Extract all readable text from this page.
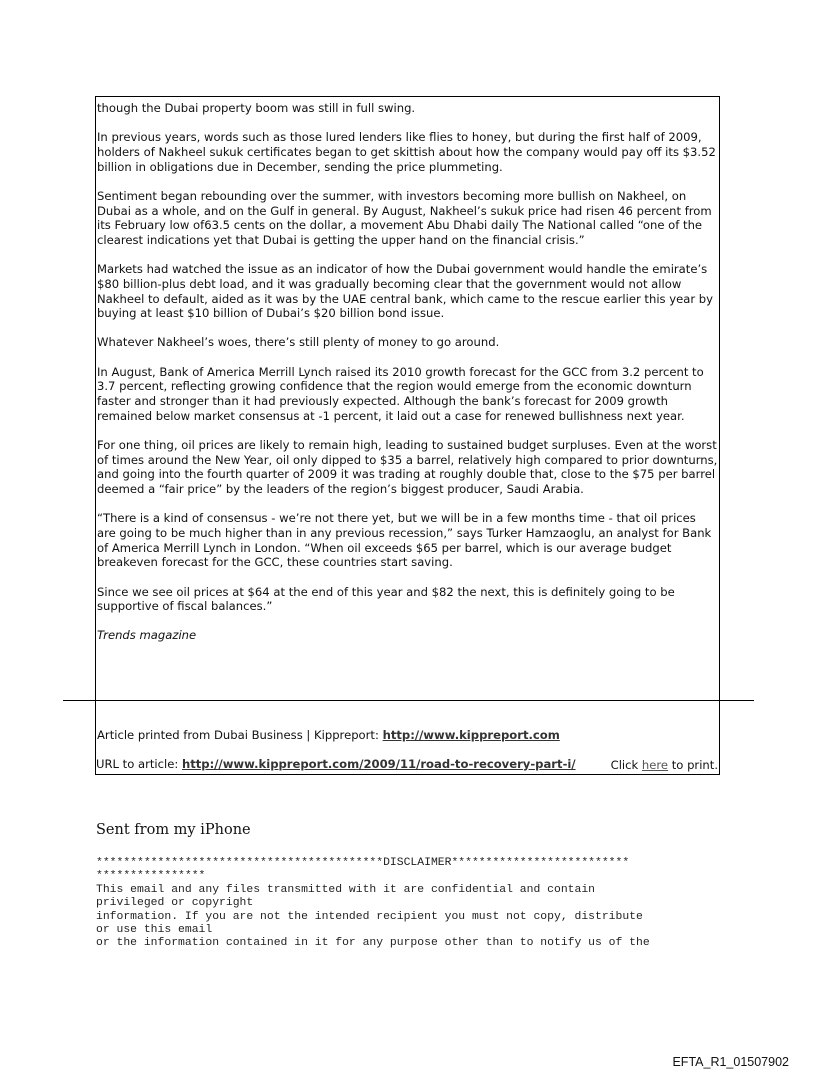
though the Dubai property boom was still in full swing.

In previous years, words such as those lured lenders like flies to honey, but during the first half of 2009, holders of Nakheel sukuk certificates began to get skittish about how the company would pay off its $3.52 billion in obligations due in December, sending the price plummeting.

Sentiment began rebounding over the summer, with investors becoming more bullish on Nakheel, on Dubai as a whole, and on the Gulf in general. By August, Nakheel’s sukuk price had risen 46 percent from its February low of63.5 cents on the dollar, a movement Abu Dhabi daily The National called “one of the clearest indications yet that Dubai is getting the upper hand on the financial crisis.”

Markets had watched the issue as an indicator of how the Dubai government would handle the emirate’s $80 billion-plus debt load, and it was gradually becoming clear that the government would not allow Nakheel to default, aided as it was by the UAE central bank, which came to the rescue earlier this year by buying at least $10 billion of Dubai’s $20 billion bond issue.

Whatever Nakheel’s woes, there’s still plenty of money to go around.

In August, Bank of America Merrill Lynch raised its 2010 growth forecast for the GCC from 3.2 percent to 3.7 percent, reflecting growing confidence that the region would emerge from the economic downturn faster and stronger than it had previously expected. Although the bank’s forecast for 2009 growth remained below market consensus at -1 percent, it laid out a case for renewed bullishness next year.

For one thing, oil prices are likely to remain high, leading to sustained budget surpluses. Even at the worst of times around the New Year, oil only dipped to $35 a barrel, relatively high compared to prior downturns, and going into the fourth quarter of 2009 it was trading at roughly double that, close to the $75 per barrel deemed a “fair price” by the leaders of the region’s biggest producer, Saudi Arabia.

“There is a kind of consensus - we’re not there yet, but we will be in a few months time - that oil prices are going to be much higher than in any previous recession,” says Turker Hamzaoglu, an analyst for Bank of America Merrill Lynch in London. “When oil exceeds $65 per barrel, which is our average budget breakeven forecast for the GCC, these countries start saving.

Since we see oil prices at $64 at the end of this year and $82 the next, this is definitely going to be supportive of fiscal balances.”

Trends magazine

Article printed from Dubai Business | Kippreport: http://www.kippreport.com
Click here to print.
URL to article: http://www.kippreport.com/2009/11/road-to-recovery-part-i/
Sent from my iPhone
******************************************DISCLAIMER**************************
****************
This email and any files transmitted with it are confidential and contain
privileged or copyright
information. If you are not the intended recipient you must not copy, distribute
or use this email
or the information contained in it for any purpose other than to notify us of the
EFTA_R1_01507902
